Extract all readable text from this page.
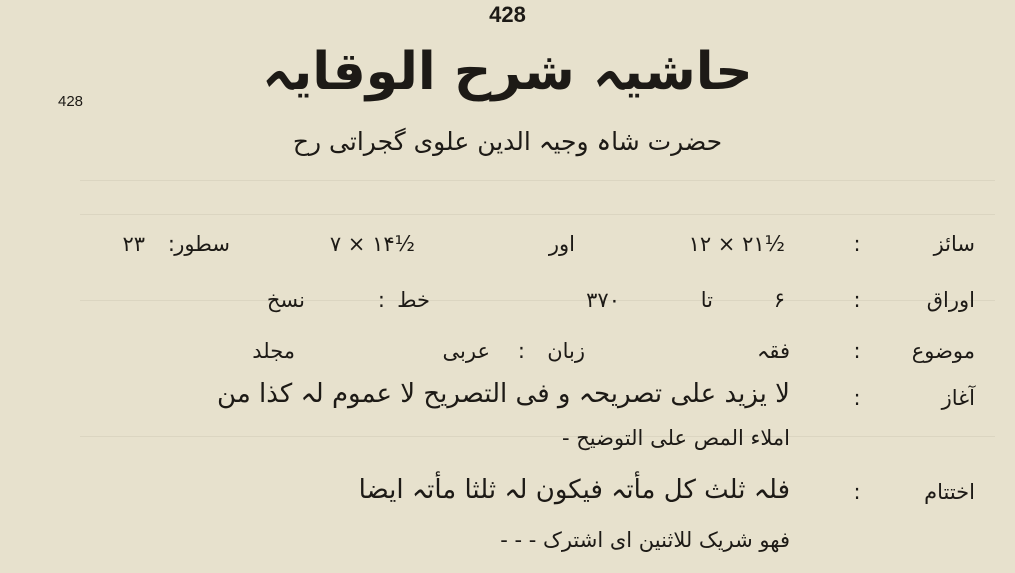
428
428	حاشیہ شرح الوقایہ
حضرت شاہ وجیہ الدین علوی گجراتی رح
سائز
:
½۲۱ × ۱۲
اور
½۱۴ × ۷
سطور
:
۲۳
اوراق
:
۶
تا
۳۷۰
خط
:
نسخ
موضوع
:
فقہ
زبان
:
عربی
مجلد
آغاز
:
لا یزید علی تصریحہ و فی التصریح لا عموم لہ کذا من
املاء المص علی التوضیح -
اختتام
:
فلہ ثلث کل مأتہ فیکون لہ ثلثا مأتہ ایضا
فھو شریک للاثنین ای اشترک - - -
